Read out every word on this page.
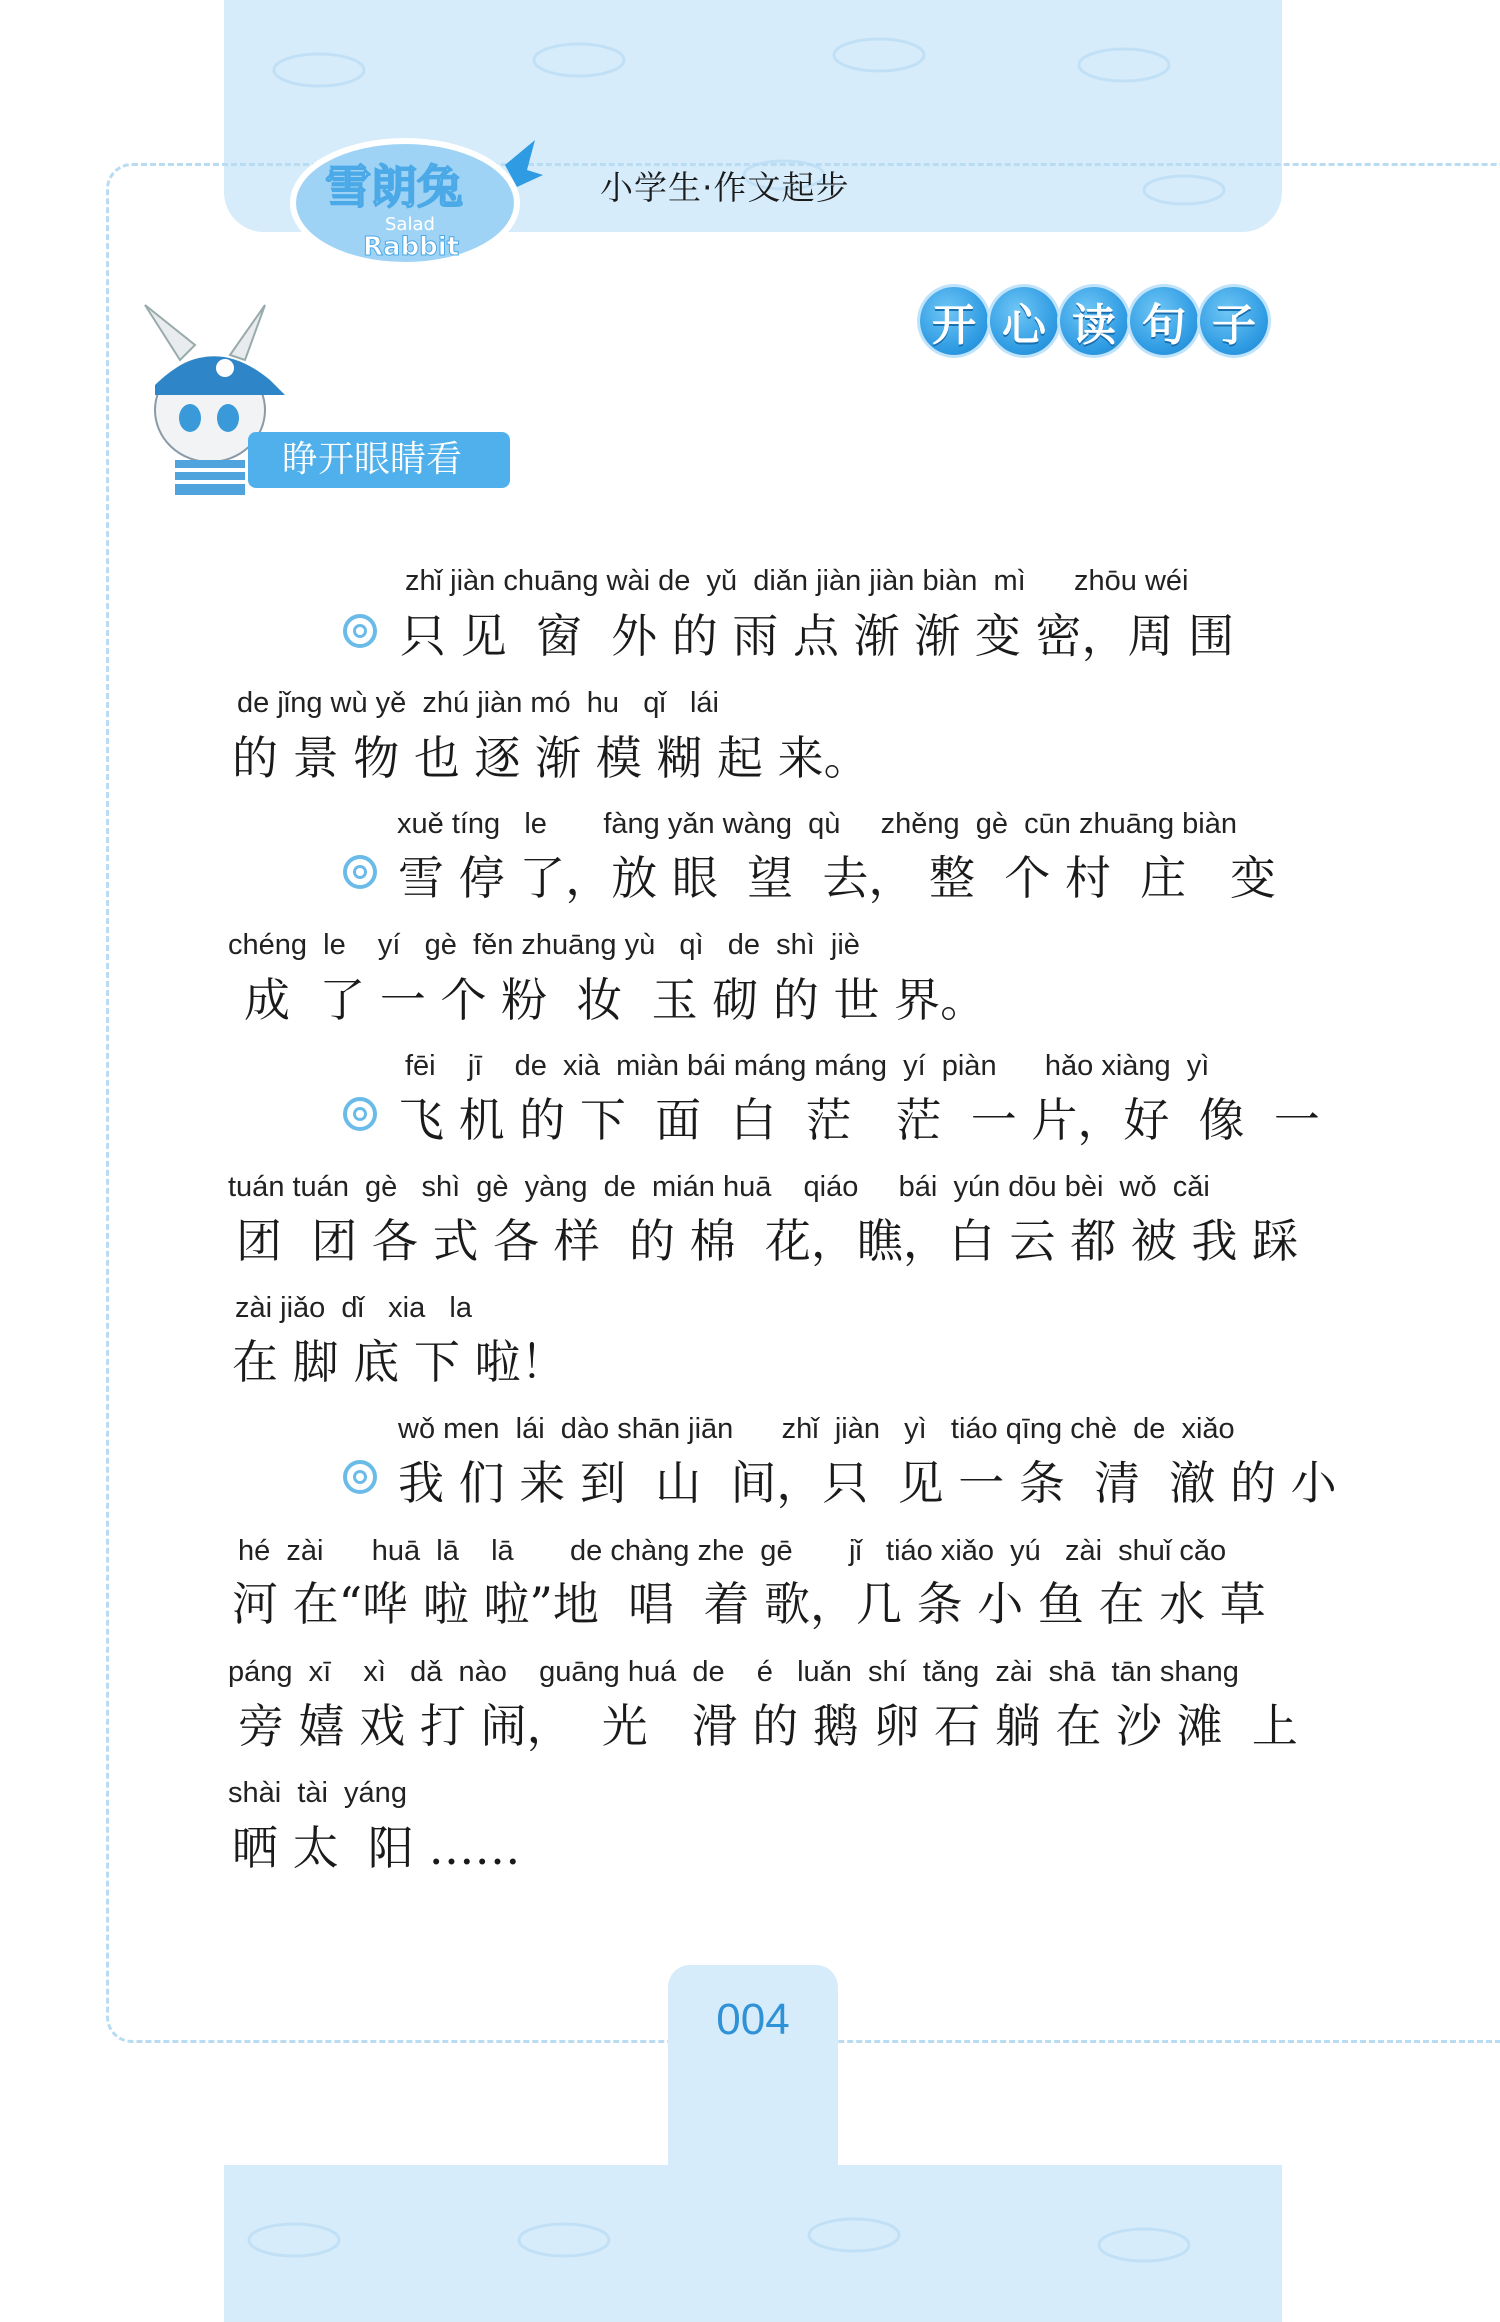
雪朗兔
Salad
Rabbit
小学生·作文起步
开 心 读 句 子
睁开眼睛看
zhǐ jiàn chuāng wài de  yǔ  diǎn jiàn jiàn biàn  mì      zhōu wéi
只 见  窗  外 的 雨 点 渐 渐 变 密，周 围
de jǐng wù yě  zhú jiàn mó  hu   qǐ   lái
的 景 物 也 逐 渐 模 糊 起 来。
xuě tíng   le       fàng yǎn wàng  qù     zhěng  gè  cūn zhuāng biàn
雪 停 了，放 眼  望  去， 整  个 村  庄   变
chéng  le    yí   gè  fěn zhuāng yù   qì   de  shì  jiè
成  了 一 个 粉  妆  玉 砌 的 世 界。
fēi    jī    de  xià  miàn bái máng máng  yí  piàn      hǎo xiàng  yì
飞 机 的 下  面  白  茫   茫  一 片，好  像  一
tuán tuán  gè   shì  gè  yàng  de  mián huā    qiáo     bái  yún dōu bèi  wǒ  cǎi
团  团 各 式 各 样  的 棉  花，瞧，白 云 都 被 我 踩
zài jiǎo  dǐ   xia   la
在 脚 底 下 啦！
wǒ men  lái  dào shān jiān      zhǐ  jiàn   yì   tiáo qīng chè  de  xiǎo
我 们 来 到  山  间，只  见 一 条  清  澈 的 小
hé  zài      huā  lā    lā       de chàng zhe  gē       jǐ   tiáo xiǎo  yú   zài  shuǐ cǎo
河 在“哗 啦 啦”地  唱  着 歌，几 条 小 鱼 在 水 草
páng  xī    xì   dǎ  nào    guāng huá  de    é   luǎn  shí  tǎng  zài  shā  tān shang
旁 嬉 戏 打 闹，  光   滑 的 鹅 卵 石 躺 在 沙 滩  上
shài  tài  yáng
晒 太  阳 ……
004
